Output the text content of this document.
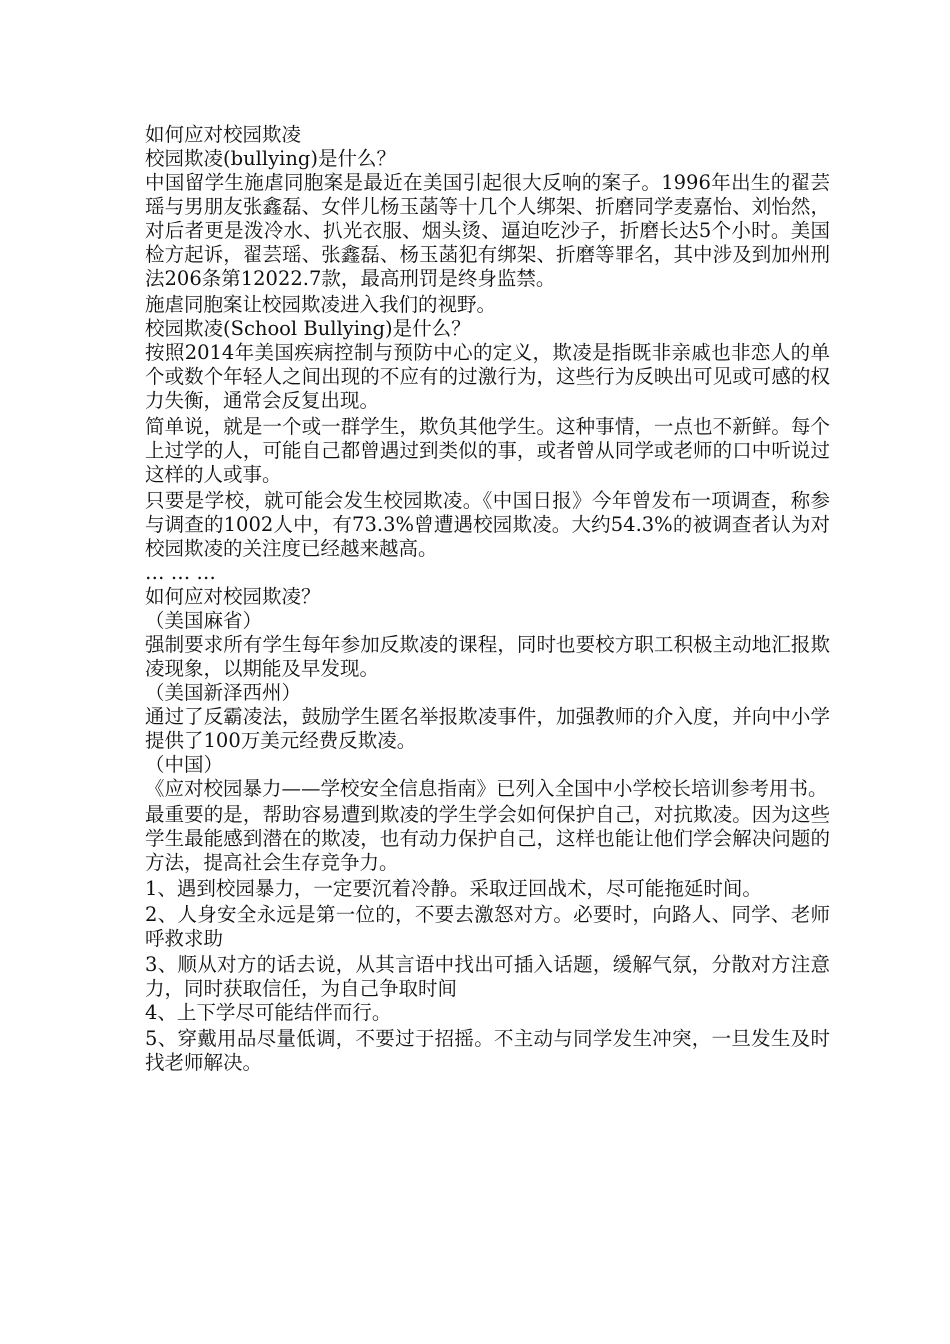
如何应对校园欺凌

校园欺凌(bullying)是什么？

中国留学生施虐同胞案是最近在美国引起很大反响的案子。1996年出生的翟芸瑶与男朋友张鑫磊、女伴儿杨玉菡等十几个人绑架、折磨同学麦嘉怡、刘怡然，对后者更是泼冷水、扒光衣服、烟头烫、逼迫吃沙子，折磨长达5个小时。美国检方起诉，翟芸瑶、张鑫磊、杨玉菡犯有绑架、折磨等罪名，其中涉及到加州刑法206条第12022.7款，最高刑罚是终身监禁。

施虐同胞案让校园欺凌进入我们的视野。

校园欺凌(School Bullying)是什么？

按照2014年美国疾病控制与预防中心的定义，欺凌是指既非亲戚也非恋人的单个或数个年轻人之间出现的不应有的过激行为，这些行为反映出可见或可感的权力失衡，通常会反复出现。

简单说，就是一个或一群学生，欺负其他学生。这种事情，一点也不新鲜。每个上过学的人，可能自己都曾遇过到类似的事，或者曾从同学或老师的口中听说过这样的人或事。

只要是学校，就可能会发生校园欺凌。《中国日报》今年曾发布一项调查，称参与调查的1002人中，有73.3%曾遭遇校园欺凌。大约54.3%的被调查者认为对校园欺凌的关注度已经越来越高。

… … …

如何应对校园欺凌？

（美国麻省）

强制要求所有学生每年参加反欺凌的课程，同时也要校方职工积极主动地汇报欺凌现象，以期能及早发现。

（美国新泽西州）

通过了反霸凌法，鼓励学生匿名举报欺凌事件，加强教师的介入度，并向中小学提供了100万美元经费反欺凌。

（中国）

《应对校园暴力——学校安全信息指南》已列入全国中小学校长培训参考用书。

最重要的是，帮助容易遭到欺凌的学生学会如何保护自己，对抗欺凌。因为这些学生最能感到潜在的欺凌，也有动力保护自己，这样也能让他们学会解决问题的方法，提高社会生存竞争力。

1、遇到校园暴力，一定要沉着冷静。采取迂回战术，尽可能拖延时间。

2、人身安全永远是第一位的，不要去激怒对方。必要时，向路人、同学、老师呼救求助

3、顺从对方的话去说，从其言语中找出可插入话题，缓解气氛，分散对方注意力，同时获取信任，为自己争取时间

4、上下学尽可能结伴而行。

5、穿戴用品尽量低调，不要过于招摇。不主动与同学发生冲突，一旦发生及时找老师解决。
